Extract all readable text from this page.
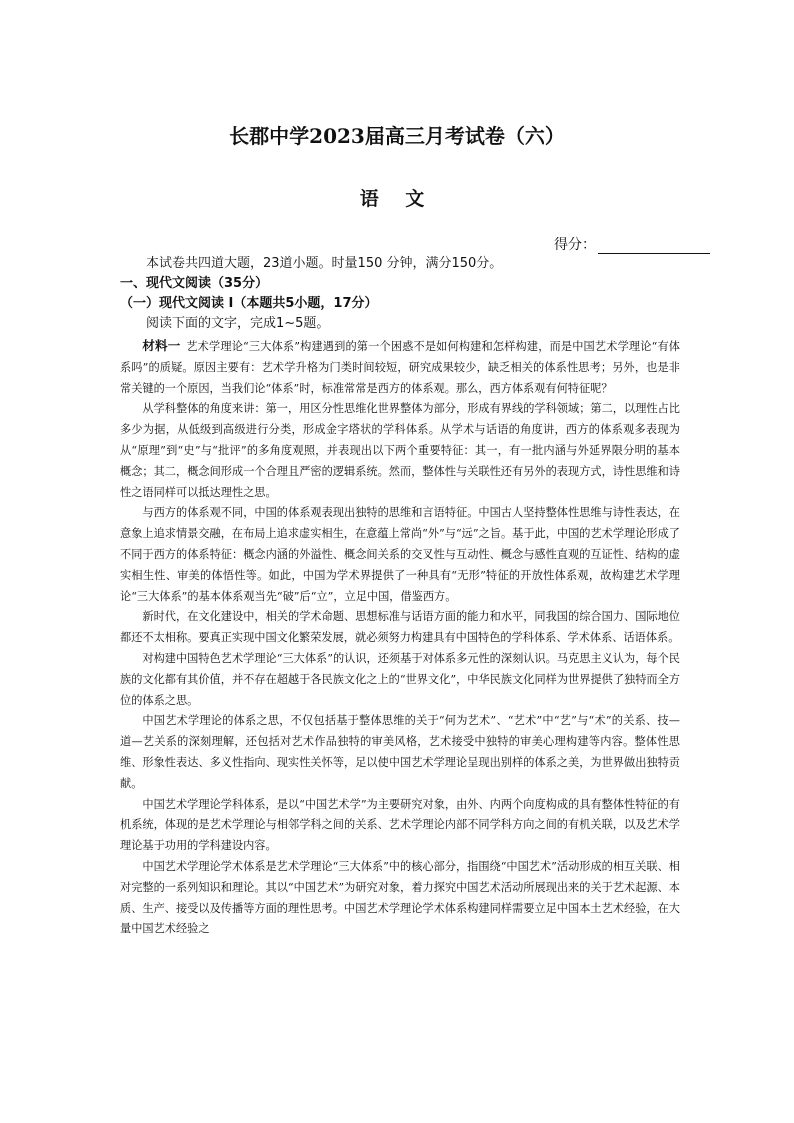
长郡中学2023届高三月考试卷（六）
语 文
得分：
本试卷共四道大题，23道小题。时量150 分钟，满分150分。
一、现代文阅读（35分）
（一）现代文阅读 I（本题共5小题，17分）
阅读下面的文字，完成1~5题。

材料一 艺术学理论“三大体系”构建遇到的第一个困惑不是如何构建和怎样构建，而是中国艺术学理论“有体系吗”的质疑。原因主要有：艺术学升格为门类时间较短，研究成果较少，缺乏相关的体系性思考；另外，也是非常关键的一个原因，当我们论“体系”时，标准常常是西方的体系观。那么，西方体系观有何特征呢？

从学科整体的角度来讲：第一，用区分性思维化世界整体为部分，形成有界线的学科领域；第二，以理性占比多少为据，从低级到高级进行分类，形成金字塔状的学科体系。从学术与话语的角度讲，西方的体系观多表现为从“原理”到“史”与“批评”的多角度观照，并表现出以下两个重要特征：其一，有一批内涵与外延界限分明的基本概念；其二，概念间形成一个合理且严密的逻辑系统。然而，整体性与关联性还有另外的表现方式，诗性思维和诗性之语同样可以抵达理性之思。

与西方的体系观不同，中国的体系观表现出独特的思维和言语特征。中国古人坚持整体性思维与诗性表达，在意象上追求情景交融，在布局上追求虚实相生，在意蕴上常尚“外”与“远”之旨。基于此，中国的艺术学理论形成了不同于西方的体系特征：概念内涵的外溢性、概念间关系的交叉性与互动性、概念与感性直观的互证性、结构的虚实相生性、审美的体悟性等。如此，中国为学术界提供了一种具有“无形”特征的开放性体系观，故构建艺术学理论“三大体系”的基本体系观当先“破”后“立”，立足中国，借鉴西方。

新时代，在文化建设中，相关的学术命题、思想标准与话语方面的能力和水平，同我国的综合国力、国际地位都还不太相称。要真正实现中国文化繁荣发展，就必须努力构建具有中国特色的学科体系、学术体系、话语体系。

对构建中国特色艺术学理论“三大体系”的认识，还须基于对体系多元性的深刻认识。马克思主义认为，每个民族的文化都有其价值，并不存在超越于各民族文化之上的“世界文化”，中华民族文化同样为世界提供了独特而全方位的体系之思。

中国艺术学理论的体系之思，不仅包括基于整体思维的关于“何为艺术”、“艺术”中“艺”与“术”的关系、技—道—艺关系的深刻理解，还包括对艺术作品独特的审美风格，艺术接受中独特的审美心理构建等内容。整体性思维、形象性表达、多义性指向、现实性关怀等，足以使中国艺术学理论呈现出别样的体系之美，为世界做出独特贡献。

中国艺术学理论学科体系，是以“中国艺术学”为主要研究对象，由外、内两个向度构成的具有整体性特征的有机系统，体现的是艺术学理论与相邻学科之间的关系、艺术学理论内部不同学科方向之间的有机关联，以及艺术学理论基于功用的学科建设内容。

中国艺术学理论学术体系是艺术学理论“三大体系”中的核心部分，指围绕“中国艺术”活动形成的相互关联、相对完整的一系列知识和理论。其以“中国艺术”为研究对象，着力探究中国艺术活动所展现出来的关于艺术起源、本质、生产、接受以及传播等方面的理性思考。中国艺术学理论学术体系构建同样需要立足中国本土艺术经验，在大量中国艺术经验之
